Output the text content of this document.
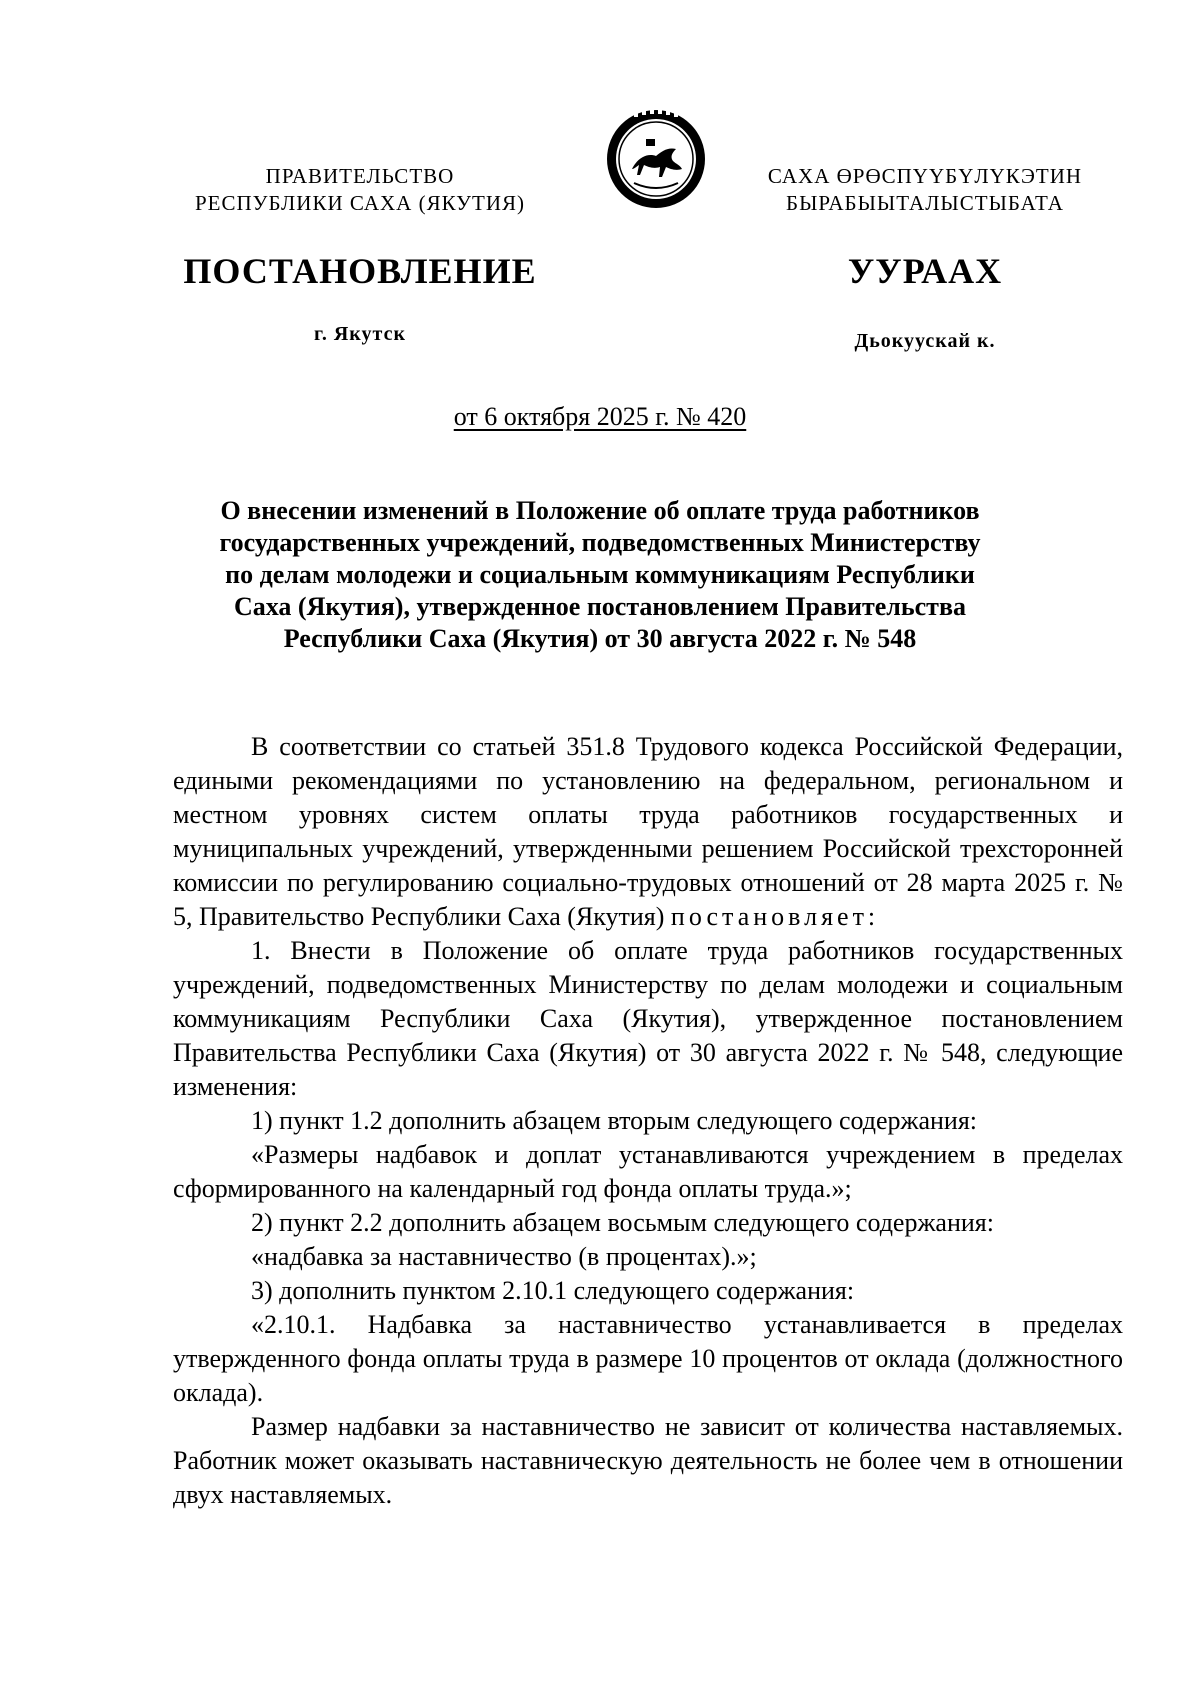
ПРАВИТЕЛЬСТВО
РЕСПУБЛИКИ САХА (ЯКУТИЯ)
САХА ӨРӨСПҮҮБҮЛҮКЭТИН
БЫРАБЫЫТАЛЫСТЫБАТА
ПОСТАНОВЛЕНИЕ	УУРААХ
г. Якутск	Дьокуускай к.
от 6 октября 2025 г. № 420
О внесении изменений в Положение об оплате труда работников
государственных учреждений, подведомственных Министерству
по делам молодежи и социальным коммуникациям Республики
Саха (Якутия), утвержденное постановлением Правительства
Республики Саха (Якутия) от 30 августа 2022 г. № 548

В соответствии со статьей 351.8 Трудового кодекса Российской Федерации, едиными рекомендациями по установлению на федеральном, региональном и местном уровнях систем оплаты труда работников государственных и муниципальных учреждений, утвержденными решением Российской трехсторонней комиссии по регулированию социально-трудовых отношений от 28 марта 2025 г. № 5, Правительство Республики Саха (Якутия) постановляет:

1. Внести в Положение об оплате труда работников государственных учреждений, подведомственных Министерству по делам молодежи и социальным коммуникациям Республики Саха (Якутия), утвержденное постановлением Правительства Республики Саха (Якутия) от 30 августа 2022 г. № 548, следующие изменения:

1) пункт 1.2 дополнить абзацем вторым следующего содержания:

«Размеры надбавок и доплат устанавливаются учреждением в пределах сформированного на календарный год фонда оплаты труда.»;

2) пункт 2.2 дополнить абзацем восьмым следующего содержания:

«надбавка за наставничество (в процентах).»;

3) дополнить пунктом 2.10.1 следующего содержания:

«2.10.1. Надбавка за наставничество устанавливается в пределах утвержденного фонда оплаты труда в размере 10 процентов от оклада (должностного оклада).

Размер надбавки за наставничество не зависит от количества наставляемых. Работник может оказывать наставническую деятельность не более чем в отношении двух наставляемых.
